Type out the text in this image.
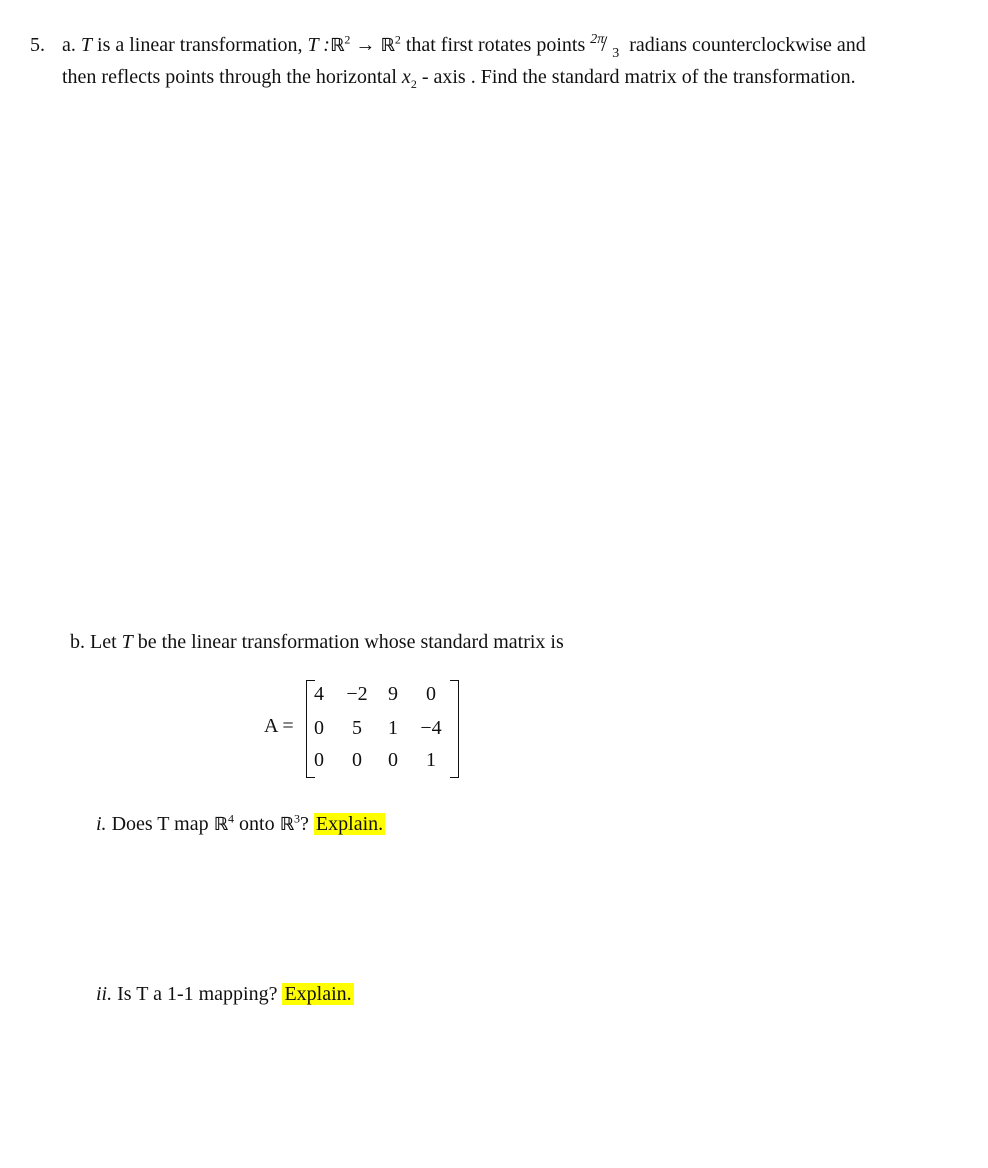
5. a. T is a linear transformation, T :ℝ$^2$ → ℝ$^2$ that first rotates points 2π
/ 3 radians counterclockwise and
then reflects points through the horizontal $x_2$ - axis . Find the standard matrix of the transformation.
b. Let T be the linear transformation whose standard matrix is
A =
4	−2	9	0
0	5	1	−4
0	0	0	1
i. Does T map ℝ$^4$ onto ℝ$^3$? Explain.
ii. Is T a 1-1 mapping? Explain.
